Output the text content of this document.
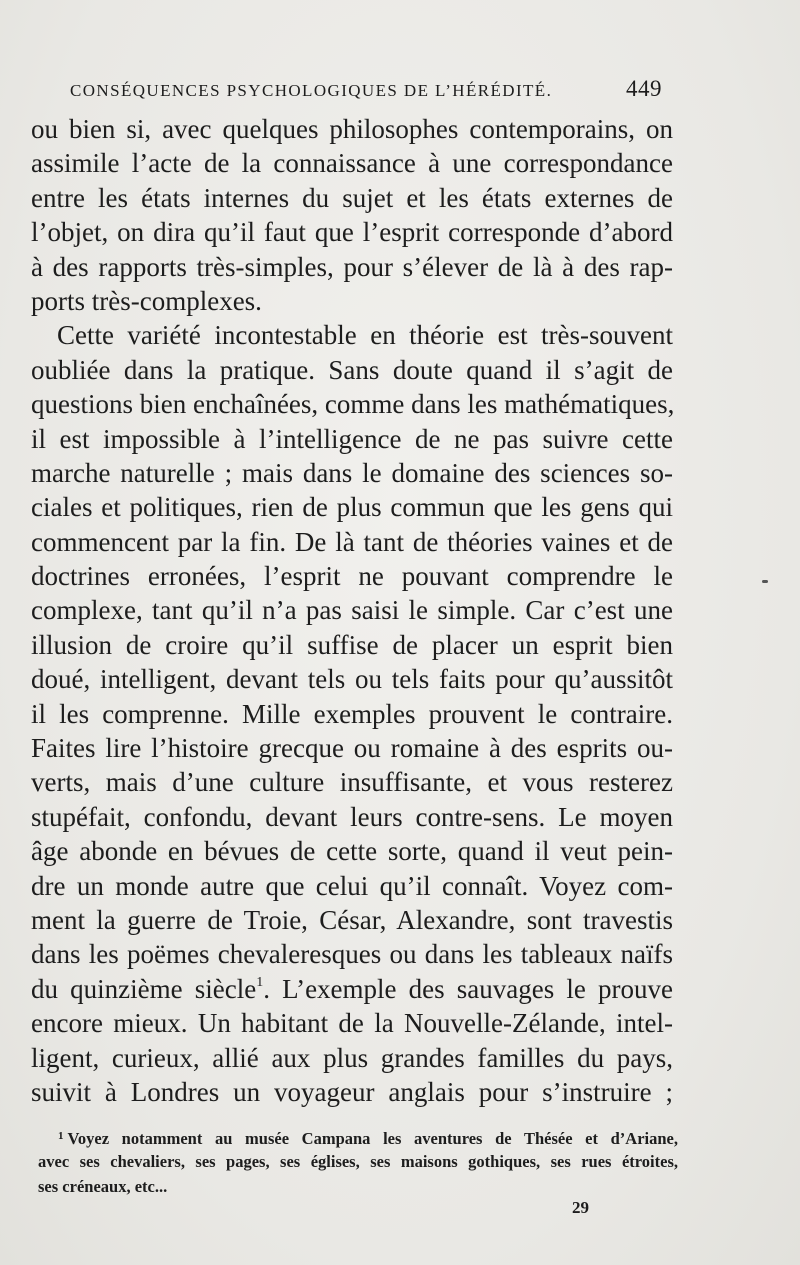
CONSÉQUENCES PSYCHOLOGIQUES DE L’HÉRÉDITÉ.	449
ou bien si, avec quelques philosophes contemporains, on
assimile l’acte de la connaissance à une correspondance
entre les états internes du sujet et les états externes de
l’objet, on dira qu’il faut que l’esprit corresponde d’abord
à des rapports très-simples, pour s’élever de là à des rap-
ports très-complexes.
Cette variété incontestable en théorie est très-souvent
oubliée dans la pratique. Sans doute quand il s’agit de
questions bien enchaînées, comme dans les mathématiques,
il est impossible à l’intelligence de ne pas suivre cette
marche naturelle ; mais dans le domaine des sciences so-
ciales et politiques, rien de plus commun que les gens qui
commencent par la fin. De là tant de théories vaines et de
doctrines erronées, l’esprit ne pouvant comprendre le
complexe, tant qu’il n’a pas saisi le simple. Car c’est une
illusion de croire qu’il suffise de placer un esprit bien
doué, intelligent, devant tels ou tels faits pour qu’aussitôt
il les comprenne. Mille exemples prouvent le contraire.
Faites lire l’histoire grecque ou romaine à des esprits ou-
verts, mais d’une culture insuffisante, et vous resterez
stupéfait, confondu, devant leurs contre-sens. Le moyen
âge abonde en bévues de cette sorte, quand il veut pein-
dre un monde autre que celui qu’il connaît. Voyez com-
ment la guerre de Troie, César, Alexandre, sont travestis
dans les poëmes chevaleresques ou dans les tableaux naïfs
du quinzième siècle$^1$. L’exemple des sauvages le prouve
encore mieux. Un habitant de la Nouvelle-Zélande, intel-
ligent, curieux, allié aux plus grandes familles du pays,
suivit à Londres un voyageur anglais pour s’instruire ;
$^1$ Voyez notamment au musée Campana les aventures de Thésée et d’Ariane,
avec ses chevaliers, ses pages, ses églises, ses maisons gothiques, ses rues étroites,
ses créneaux, etc...
29
